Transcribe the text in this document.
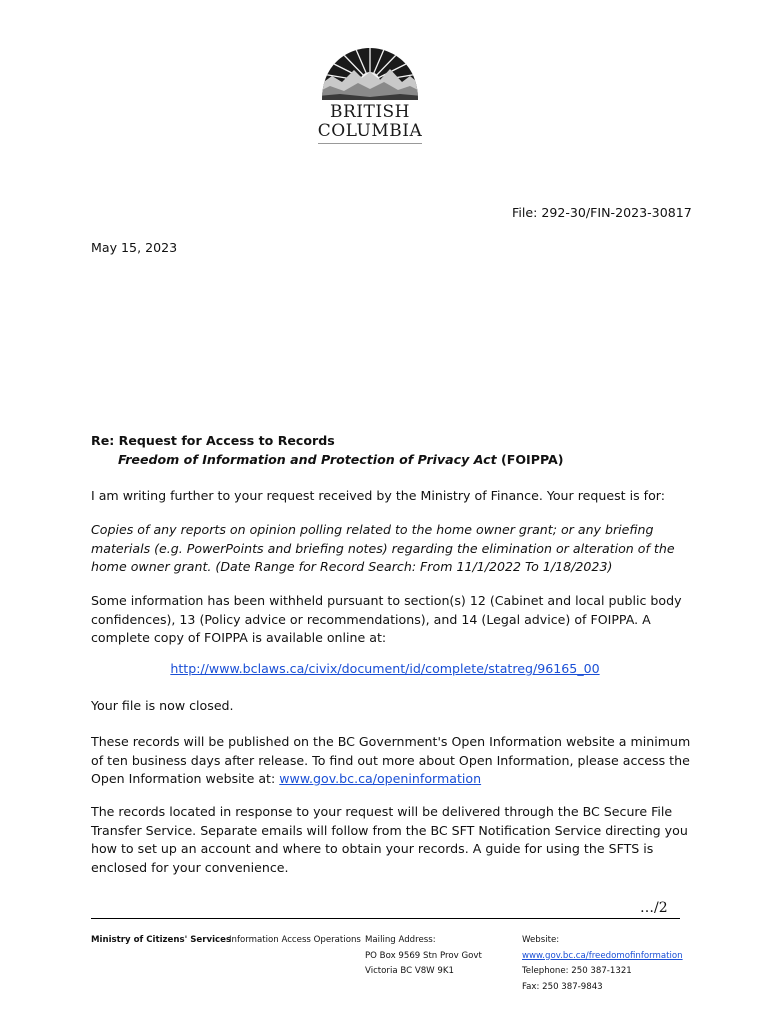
BRITISH
COLUMBIA
File: 292-30/FIN-2023-30817
May 15, 2023
Re: Request for Access to Records
Freedom of Information and Protection of Privacy Act (FOIPPA)
I am writing further to your request received by the Ministry of Finance. Your request is for:
Copies of any reports on opinion polling related to the home owner grant; or any briefing materials (e.g. PowerPoints and briefing notes) regarding the elimination or alteration of the home owner grant. (Date Range for Record Search: From 11/1/2022 To 1/18/2023)
Some information has been withheld pursuant to section(s) 12 (Cabinet and local public body confidences), 13 (Policy advice or recommendations), and 14 (Legal advice) of FOIPPA. A complete copy of FOIPPA is available online at:
http://www.bclaws.ca/civix/document/id/complete/statreg/96165_00
Your file is now closed.
These records will be published on the BC Government's Open Information website a minimum of ten business days after release. To find out more about Open Information, please access the Open Information website at: www.gov.bc.ca/openinformation
The records located in response to your request will be delivered through the BC Secure File Transfer Service. Separate emails will follow from the BC SFT Notification Service directing you how to set up an account and where to obtain your records. A guide for using the SFTS is enclosed for your convenience.
…/2
Ministry of Citizens' Services
Information Access Operations Mailing Address:
PO Box 9569 Stn Prov Govt
Victoria BC V8W 9K1
Website:
www.gov.bc.ca/freedomofinformation
Telephone: 250 387-1321
Fax: 250 387-9843
